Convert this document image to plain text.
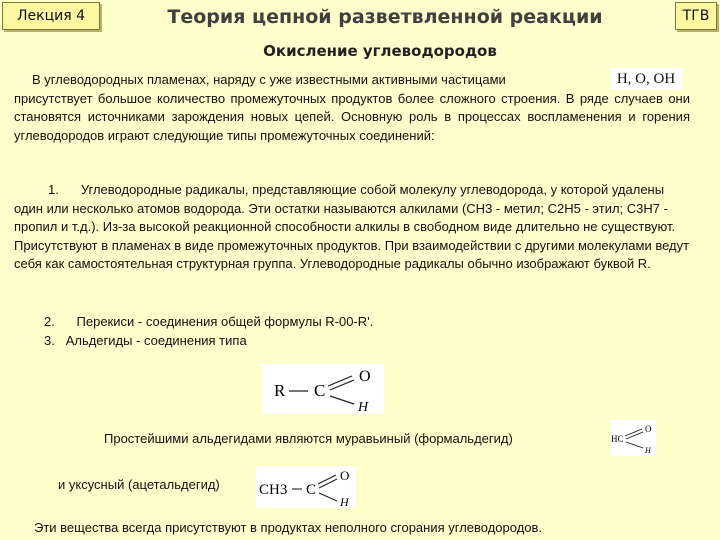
Лекция 4	Теория цепной разветвленной реакции	ТГВ
Окисление углеводородов
В углеводородных пламенах, наряду с уже известными активными частицами
присутствует большое количество промежуточных продуктов более сложного строения. В ряде случаев они становятся источниками зарождения новых цепей. Основную роль в процессах воспламенения и горения углеводородов играют следующие типы промежуточных соединений:
H, O, OH
1. Углеводородные радикалы, представляющие собой молекулу углеводорода, у которой удалены один или несколько атомов водорода. Эти остатки называются алкилами (СН3 - метил; С2Н5 - этил; С3Н7 - пропил и т.д.). Из-за высокой реакционной способности алкилы в свободном виде длительно не существуют. Присутствуют в пламенах в виде промежуточных продуктов. При взаимодействии с другими молекулами ведут себя как самостоятельная структурная группа. Углеводородные радикалы обычно изображают буквой R.
2. Перекиси - соединения общей формулы R-00-R'.
3. Альдегиды - соединения типа
R C
O
H
Простейшими альдегидами являются муравьиный (формальдегид)	HC
O
H
и уксусный (ацетальдегид)	CH3 C
O
H
Эти вещества всегда присутствуют в продуктах неполного сгорания углеводородов.
